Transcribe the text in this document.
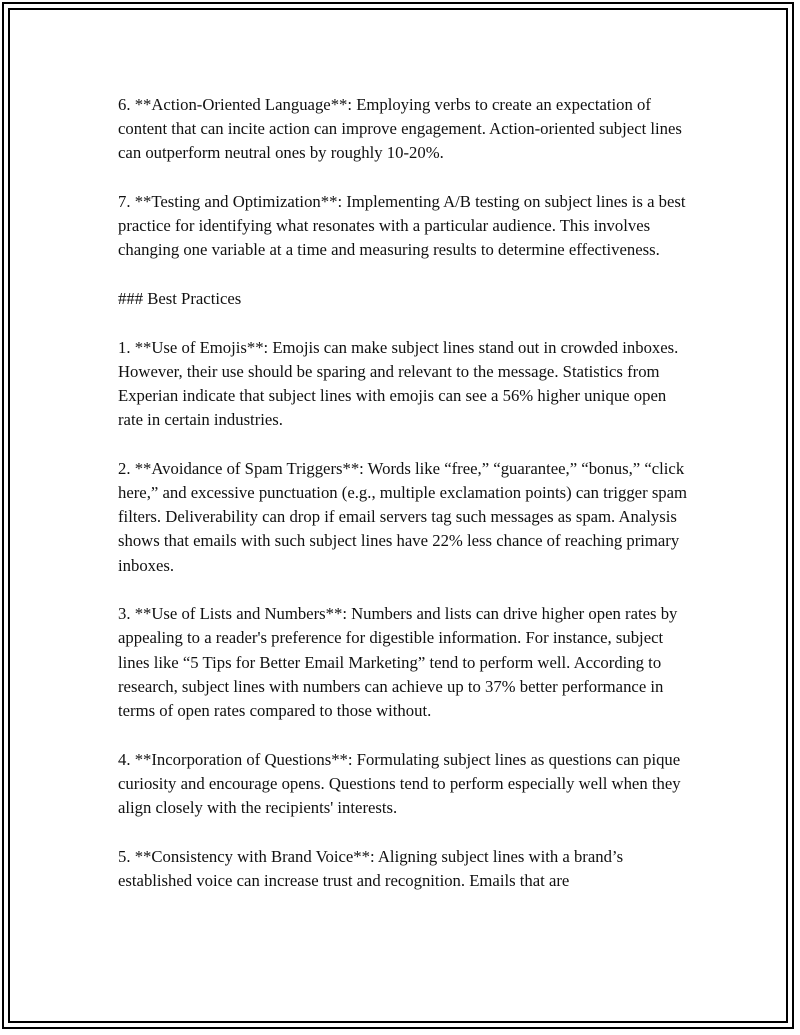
6. **Action-Oriented Language**: Employing verbs to create an expectation of content that can incite action can improve engagement. Action-oriented subject lines can outperform neutral ones by roughly 10-20%.

7. **Testing and Optimization**: Implementing A/B testing on subject lines is a best practice for identifying what resonates with a particular audience. This involves changing one variable at a time and measuring results to determine effectiveness.

### Best Practices

1. **Use of Emojis**: Emojis can make subject lines stand out in crowded inboxes. However, their use should be sparing and relevant to the message. Statistics from Experian indicate that subject lines with emojis can see a 56% higher unique open rate in certain industries.

2. **Avoidance of Spam Triggers**: Words like “free,” “guarantee,” “bonus,” “click here,” and excessive punctuation (e.g., multiple exclamation points) can trigger spam filters. Deliverability can drop if email servers tag such messages as spam. Analysis shows that emails with such subject lines have 22% less chance of reaching primary inboxes.

3. **Use of Lists and Numbers**: Numbers and lists can drive higher open rates by appealing to a reader's preference for digestible information. For instance, subject lines like “5 Tips for Better Email Marketing” tend to perform well. According to research, subject lines with numbers can achieve up to 37% better performance in terms of open rates compared to those without.

4. **Incorporation of Questions**: Formulating subject lines as questions can pique curiosity and encourage opens. Questions tend to perform especially well when they align closely with the recipients' interests.

5. **Consistency with Brand Voice**: Aligning subject lines with a brand’s established voice can increase trust and recognition. Emails that are
